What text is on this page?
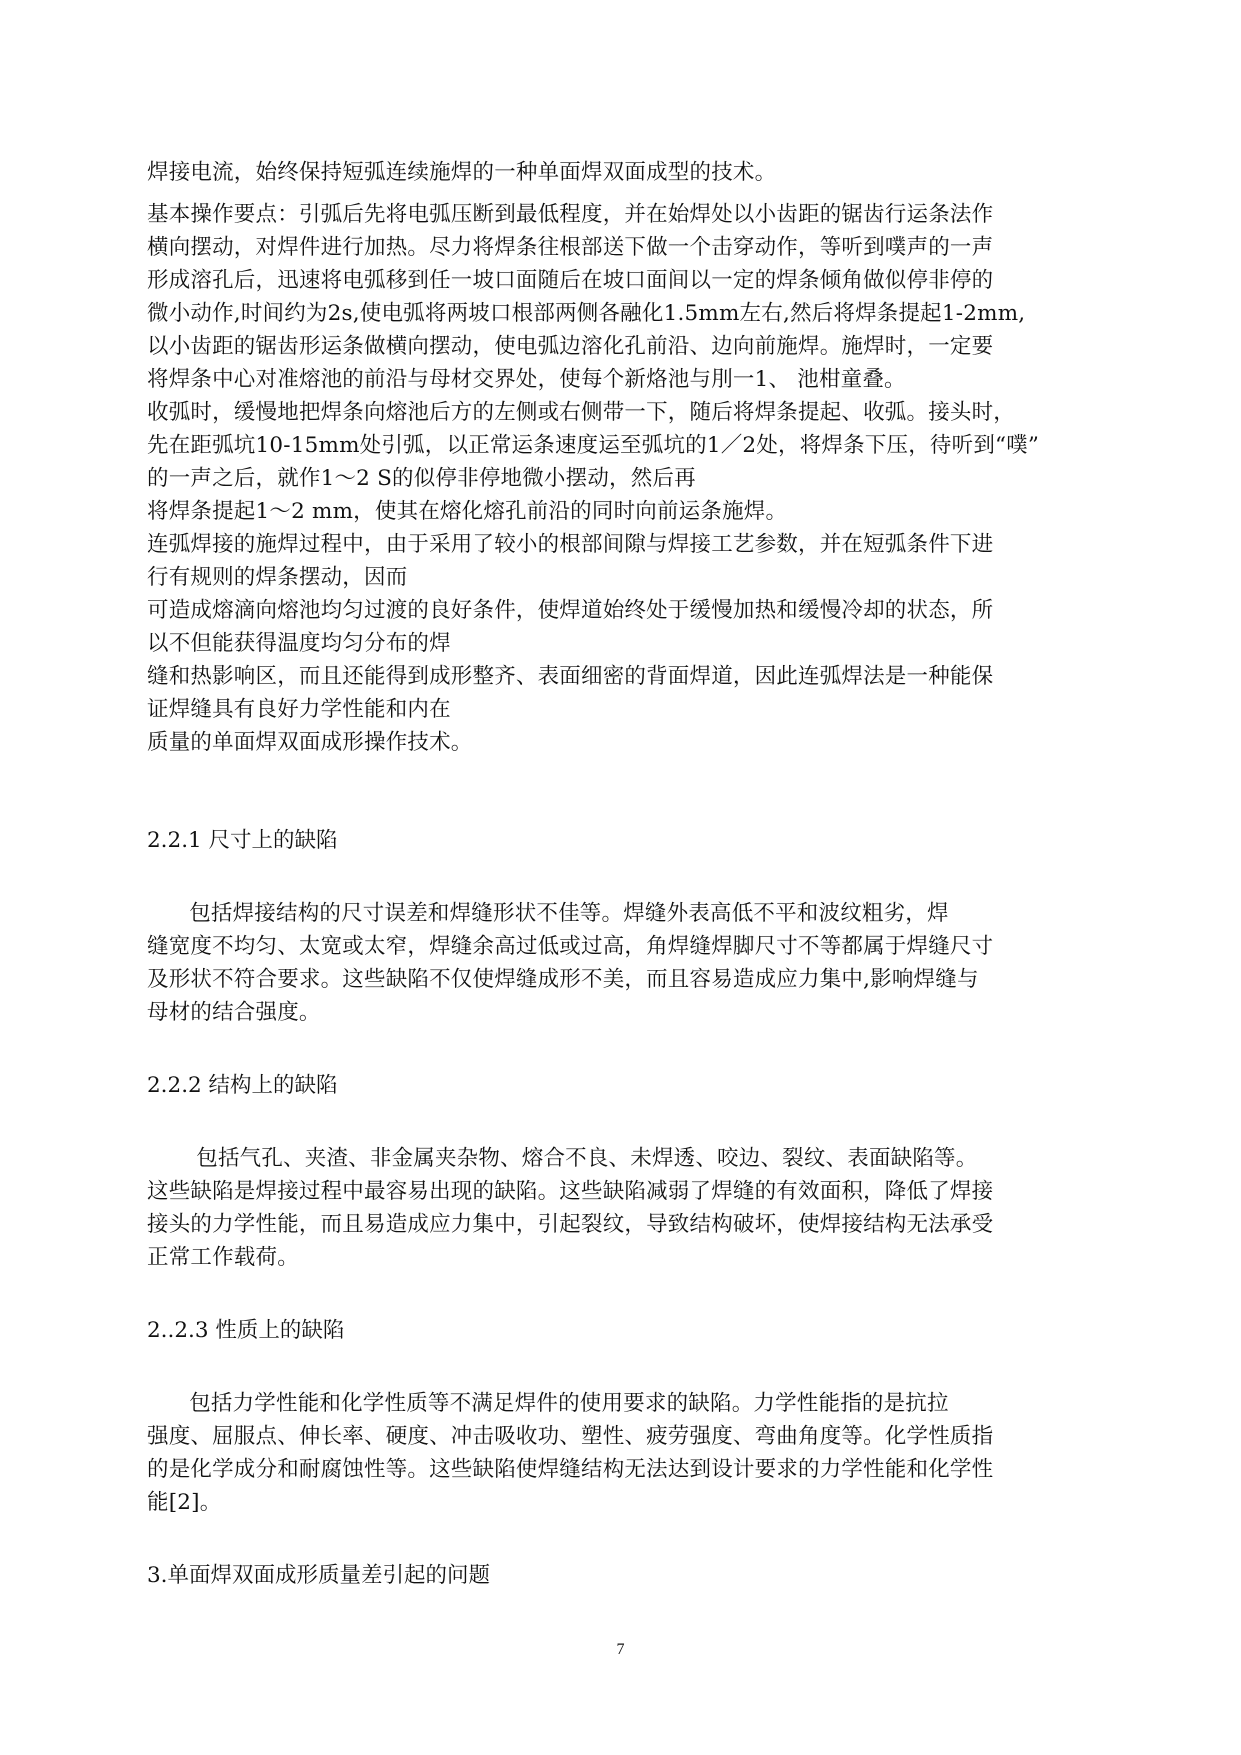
焊接电流，始终保持短弧连续施焊的一种单面焊双面成型的技术。
基本操作要点：引弧后先将电弧压断到最低程度，并在始焊处以小齿距的锯齿行运条法作
横向摆动，对焊件进行加热。尽力将焊条往根部送下做一个击穿动作，等听到噗声的一声
形成溶孔后，迅速将电弧移到任一坡口面随后在坡口面间以一定的焊条倾角做似停非停的
微小动作,时间约为2s,使电弧将两坡口根部两侧各融化1.5mm左右,然后将焊条提起1-2mm,
以小齿距的锯齿形运条做横向摆动，使电弧边溶化孔前沿、边向前施焊。施焊时，一定要
将焊条中心对准熔池的前沿与母材交界处，使每个新烙池与刖一1、 池柑童叠。
收弧时，缓慢地把焊条向熔池后方的左侧或右侧带一下，随后将焊条提起、收弧。接头时，
先在距弧坑10-15mm处引弧，以正常运条速度运至弧坑的1／2处，将焊条下压，待听到“噗”
的一声之后，就作1～2 S的似停非停地微小摆动，然后再
将焊条提起1～2 mm，使其在熔化熔孔前沿的同时向前运条施焊。
连弧焊接的施焊过程中，由于采用了较小的根部间隙与焊接工艺参数，并在短弧条件下进
行有规则的焊条摆动，因而
可造成熔滴向熔池均匀过渡的良好条件，使焊道始终处于缓慢加热和缓慢冷却的状态，所
以不但能获得温度均匀分布的焊
缝和热影响区，而且还能得到成形整齐、表面细密的背面焊道，因此连弧焊法是一种能保
证焊缝具有良好力学性能和内在
质量的单面焊双面成形操作技术。
2.2.1 尺寸上的缺陷
包括焊接结构的尺寸误差和焊缝形状不佳等。焊缝外表高低不平和波纹粗劣，焊
缝宽度不均匀、太宽或太窄，焊缝余高过低或过高，角焊缝焊脚尺寸不等都属于焊缝尺寸
及形状不符合要求。这些缺陷不仅使焊缝成形不美，而且容易造成应力集中,影响焊缝与
母材的结合强度。
2.2.2 结构上的缺陷
包括气孔、夹渣、非金属夹杂物、熔合不良、未焊透、咬边、裂纹、表面缺陷等。
这些缺陷是焊接过程中最容易出现的缺陷。这些缺陷减弱了焊缝的有效面积，降低了焊接
接头的力学性能，而且易造成应力集中，引起裂纹，导致结构破坏，使焊接结构无法承受
正常工作载荷。
2..2.3 性质上的缺陷
包括力学性能和化学性质等不满足焊件的使用要求的缺陷。力学性能指的是抗拉
强度、屈服点、伸长率、硬度、冲击吸收功、塑性、疲劳强度、弯曲角度等。化学性质指
的是化学成分和耐腐蚀性等。这些缺陷使焊缝结构无法达到设计要求的力学性能和化学性
能[2]。
3.单面焊双面成形质量差引起的问题
7
